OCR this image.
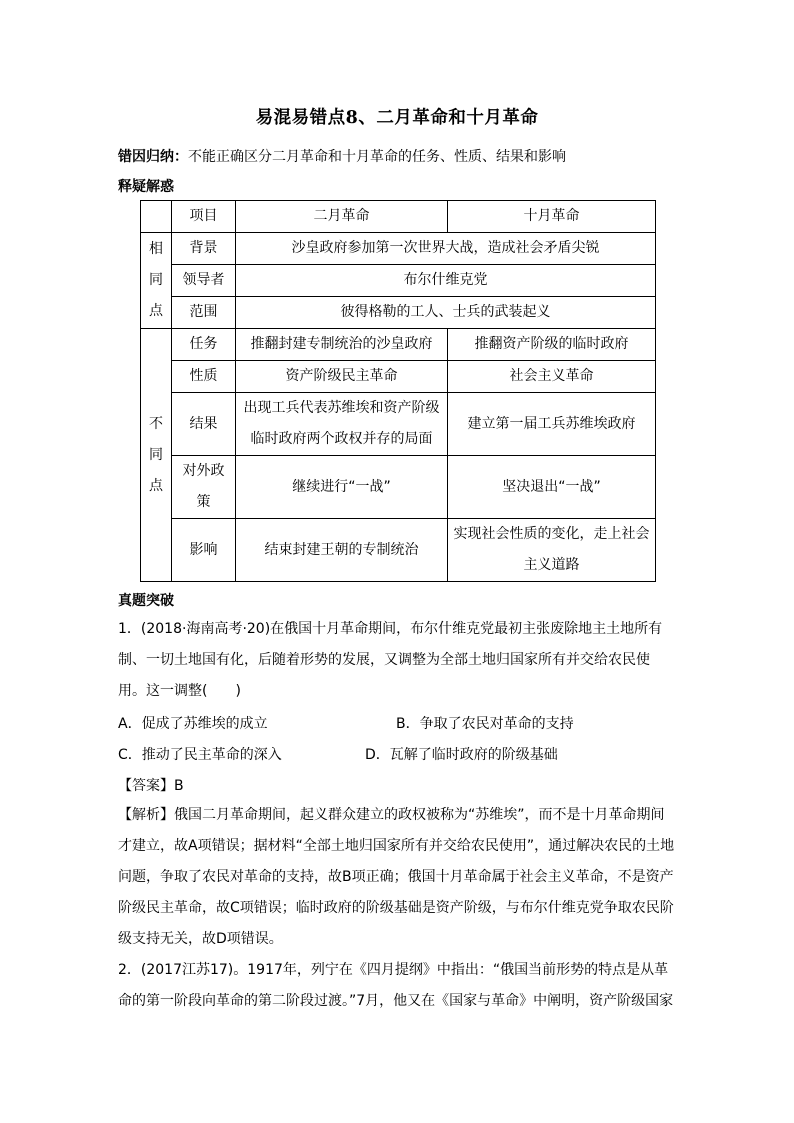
易混易错点8、二月革命和十月革命
错因归纳：不能正确区分二月革命和十月革命的任务、性质、结果和影响
释疑解惑
	项目	二月革命	十月革命

相
同
点	背景	沙皇政府参加第一次世界大战，造成社会矛盾尖锐	
	领导者	布尔什维克党	
	范围	彼得格勒的工人、士兵的武装起义	

不
同
点	任务	推翻封建专制统治的沙皇政府	推翻资产阶级的临时政府
	性质	资产阶级民主革命	社会主义革命
	结果	出现工兵代表苏维埃和资产阶级临时政府两个政权并存的局面	建立第一届工兵苏维埃政府
	对外政策	继续进行“一战”	坚决退出“一战”
	影响	结束封建王朝的专制统治	实现社会性质的变化，走上社会主义道路
真题突破
1．(2018·海南高考·20)在俄国十月革命期间，布尔什维克党最初主张废除地主土地所有制、一切土地国有化，后随着形势的发展，又调整为全部土地归国家所有并交给农民使用。这一调整(　　)
A．促成了苏维埃的成立	B．争取了农民对革命的支持
C．推动了民主革命的深入	D．瓦解了临时政府的阶级基础
【答案】B
【解析】俄国二月革命期间，起义群众建立的政权被称为“苏维埃”，而不是十月革命期间才建立，故A项错误；据材料“全部土地归国家所有并交给农民使用”，通过解决农民的土地问题，争取了农民对革命的支持，故B项正确；俄国十月革命属于社会主义革命，不是资产阶级民主革命，故C项错误；临时政府的阶级基础是资产阶级，与布尔什维克党争取农民阶级支持无关，故D项错误。
2．(2017江苏17)。1917年，列宁在《四月提纲》中指出：“俄国当前形势的特点是从革命的第一阶段向革命的第二阶段过渡。”7月，他又在《国家与革命》中阐明，资产阶级国家
